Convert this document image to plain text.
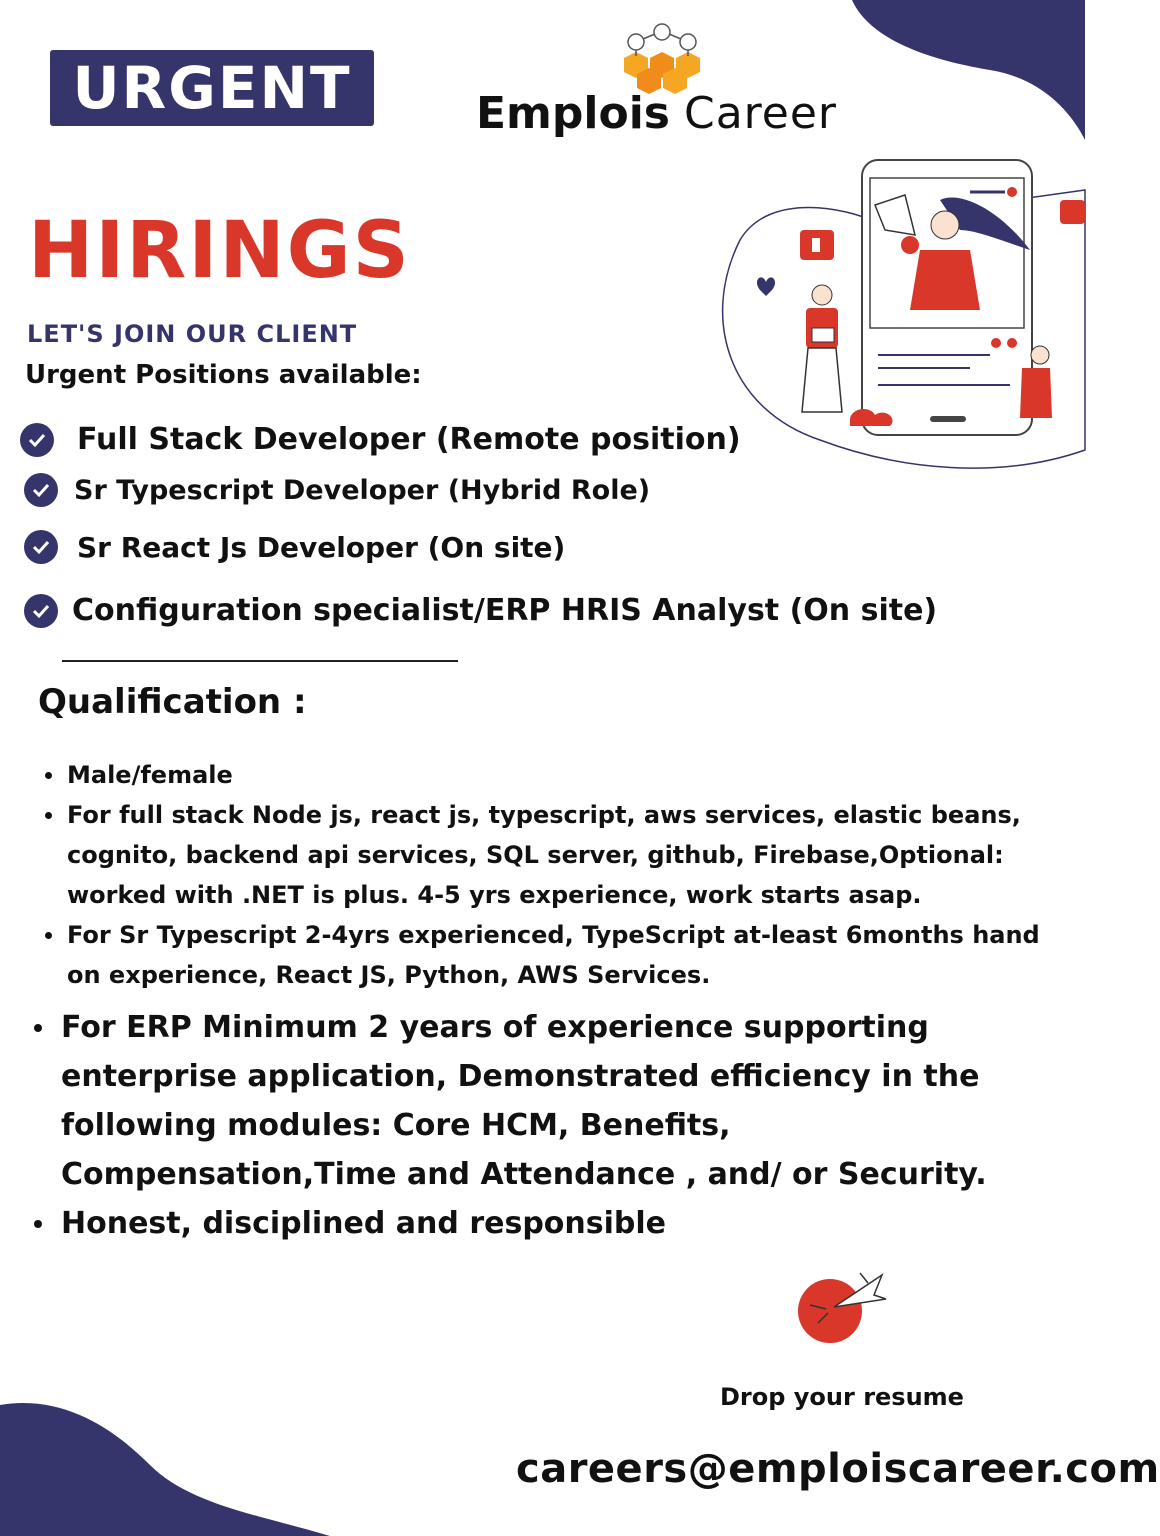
URGENT	Emplois Career
HIRINGS
LET'S JOIN OUR CLIENT
Urgent Positions available:
Full Stack Developer (Remote position)
Sr Typescript Developer (Hybrid Role)
Sr React Js Developer (On site)
Configuration specialist/ERP HRIS Analyst (On site)
Qualification :
Male/female
For full stack Node js, react js, typescript, aws services, elastic beans, cognito, backend api services, SQL server, github, Firebase,Optional: worked with .NET is plus. 4-5 yrs experience, work starts asap.
For Sr Typescript 2-4yrs experienced, TypeScript at-least 6months hand on experience, React JS, Python, AWS Services.
For ERP Minimum 2 years of experience supporting enterprise application, Demonstrated efficiency in the following modules: Core HCM, Benefits, Compensation,Time and Attendance , and/ or Security.
Honest, disciplined and responsible
Drop your resume
careers@emploiscareer.com
